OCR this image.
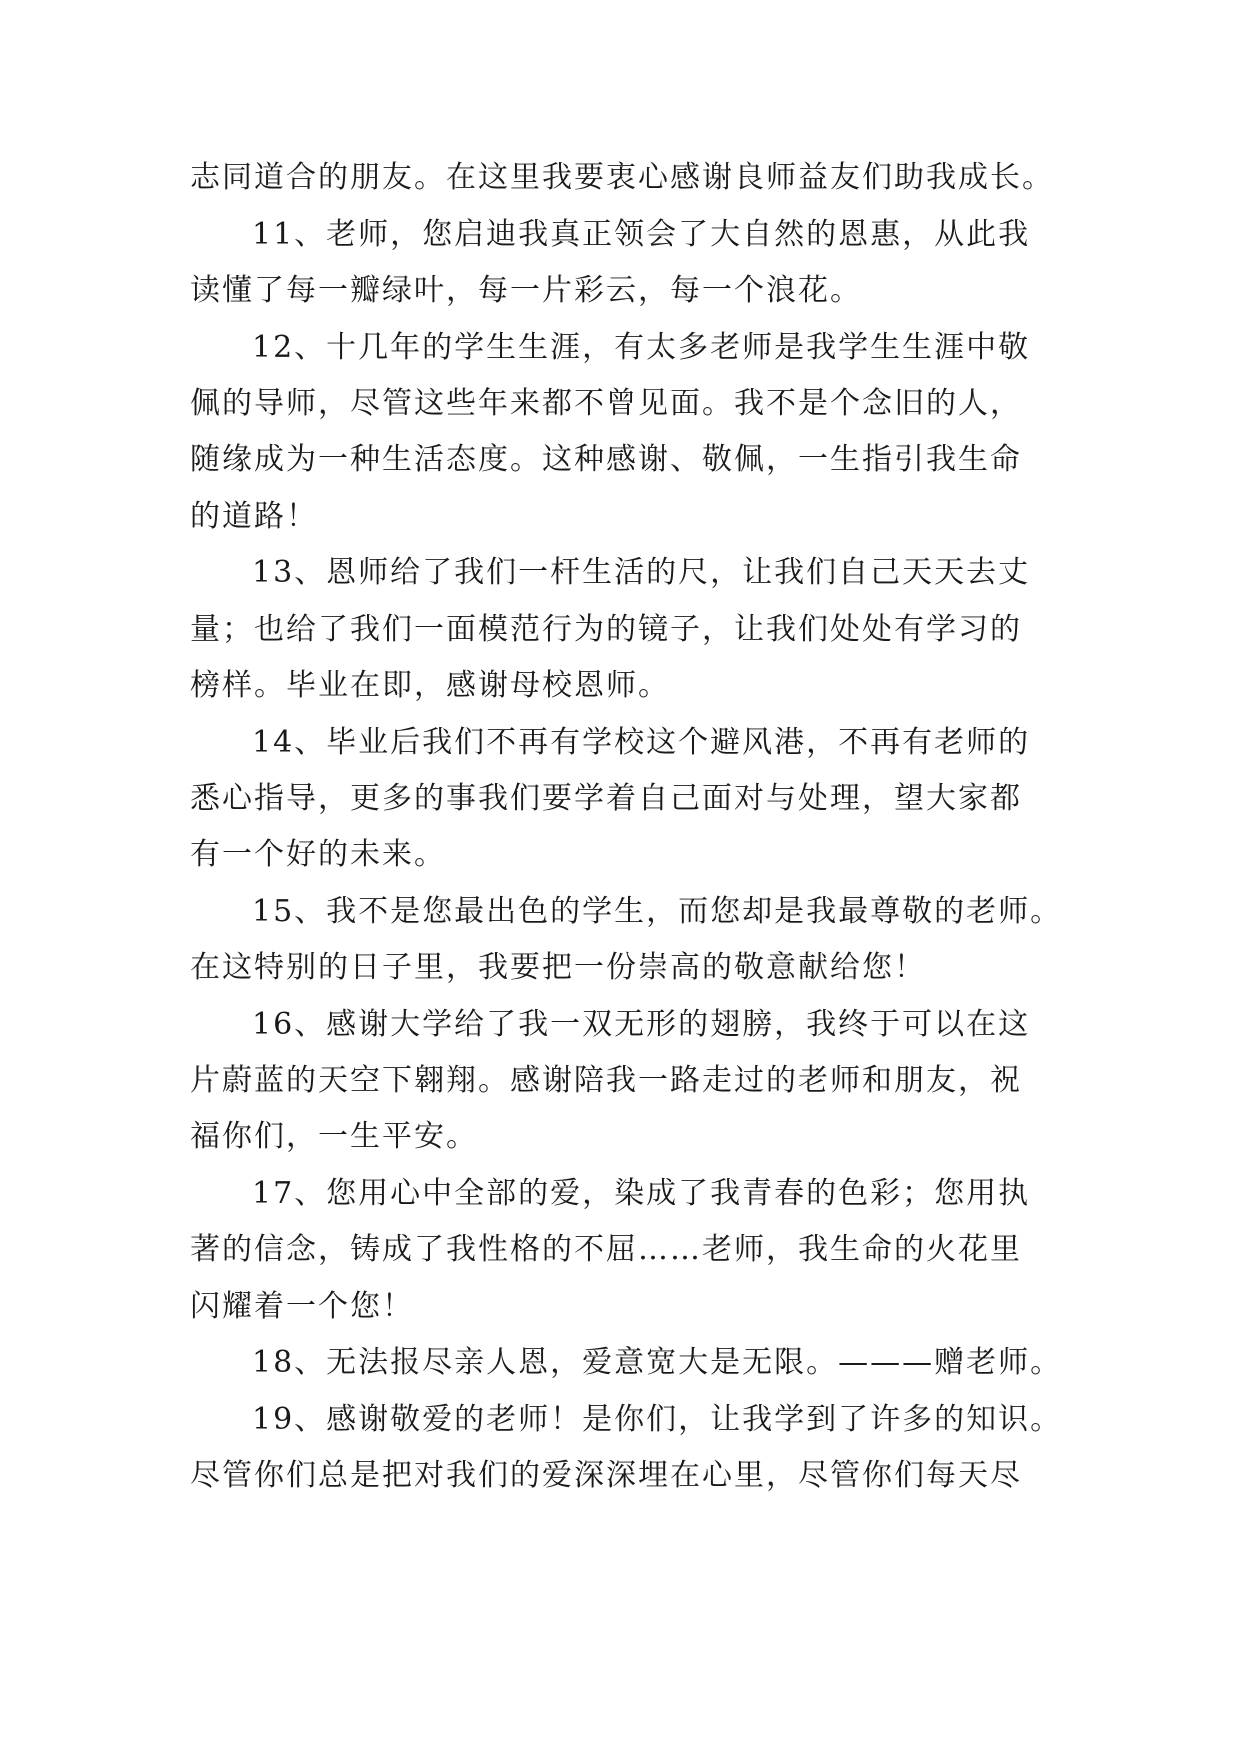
志同道合的朋友。在这里我要衷心感谢良师益友们助我成长。
11、老师，您启迪我真正领会了大自然的恩惠，从此我
读懂了每一瓣绿叶，每一片彩云，每一个浪花。
12、十几年的学生生涯，有太多老师是我学生生涯中敬
佩的导师，尽管这些年来都不曾见面。我不是个念旧的人，
随缘成为一种生活态度。这种感谢、敬佩，一生指引我生命
的道路！
13、恩师给了我们一杆生活的尺，让我们自己天天去丈
量；也给了我们一面模范行为的镜子，让我们处处有学习的
榜样。毕业在即，感谢母校恩师。
14、毕业后我们不再有学校这个避风港，不再有老师的
悉心指导，更多的事我们要学着自己面对与处理，望大家都
有一个好的未来。
15、我不是您最出色的学生，而您却是我最尊敬的老师。
在这特别的日子里，我要把一份崇高的敬意献给您！
16、感谢大学给了我一双无形的翅膀，我终于可以在这
片蔚蓝的天空下翱翔。感谢陪我一路走过的老师和朋友，祝
福你们，一生平安。
17、您用心中全部的爱，染成了我青春的色彩；您用执
著的信念，铸成了我性格的不屈……老师，我生命的火花里
闪耀着一个您！
18、无法报尽亲人恩，爱意宽大是无限。———赠老师。
19、感谢敬爱的老师！是你们，让我学到了许多的知识。
尽管你们总是把对我们的爱深深埋在心里，尽管你们每天尽
